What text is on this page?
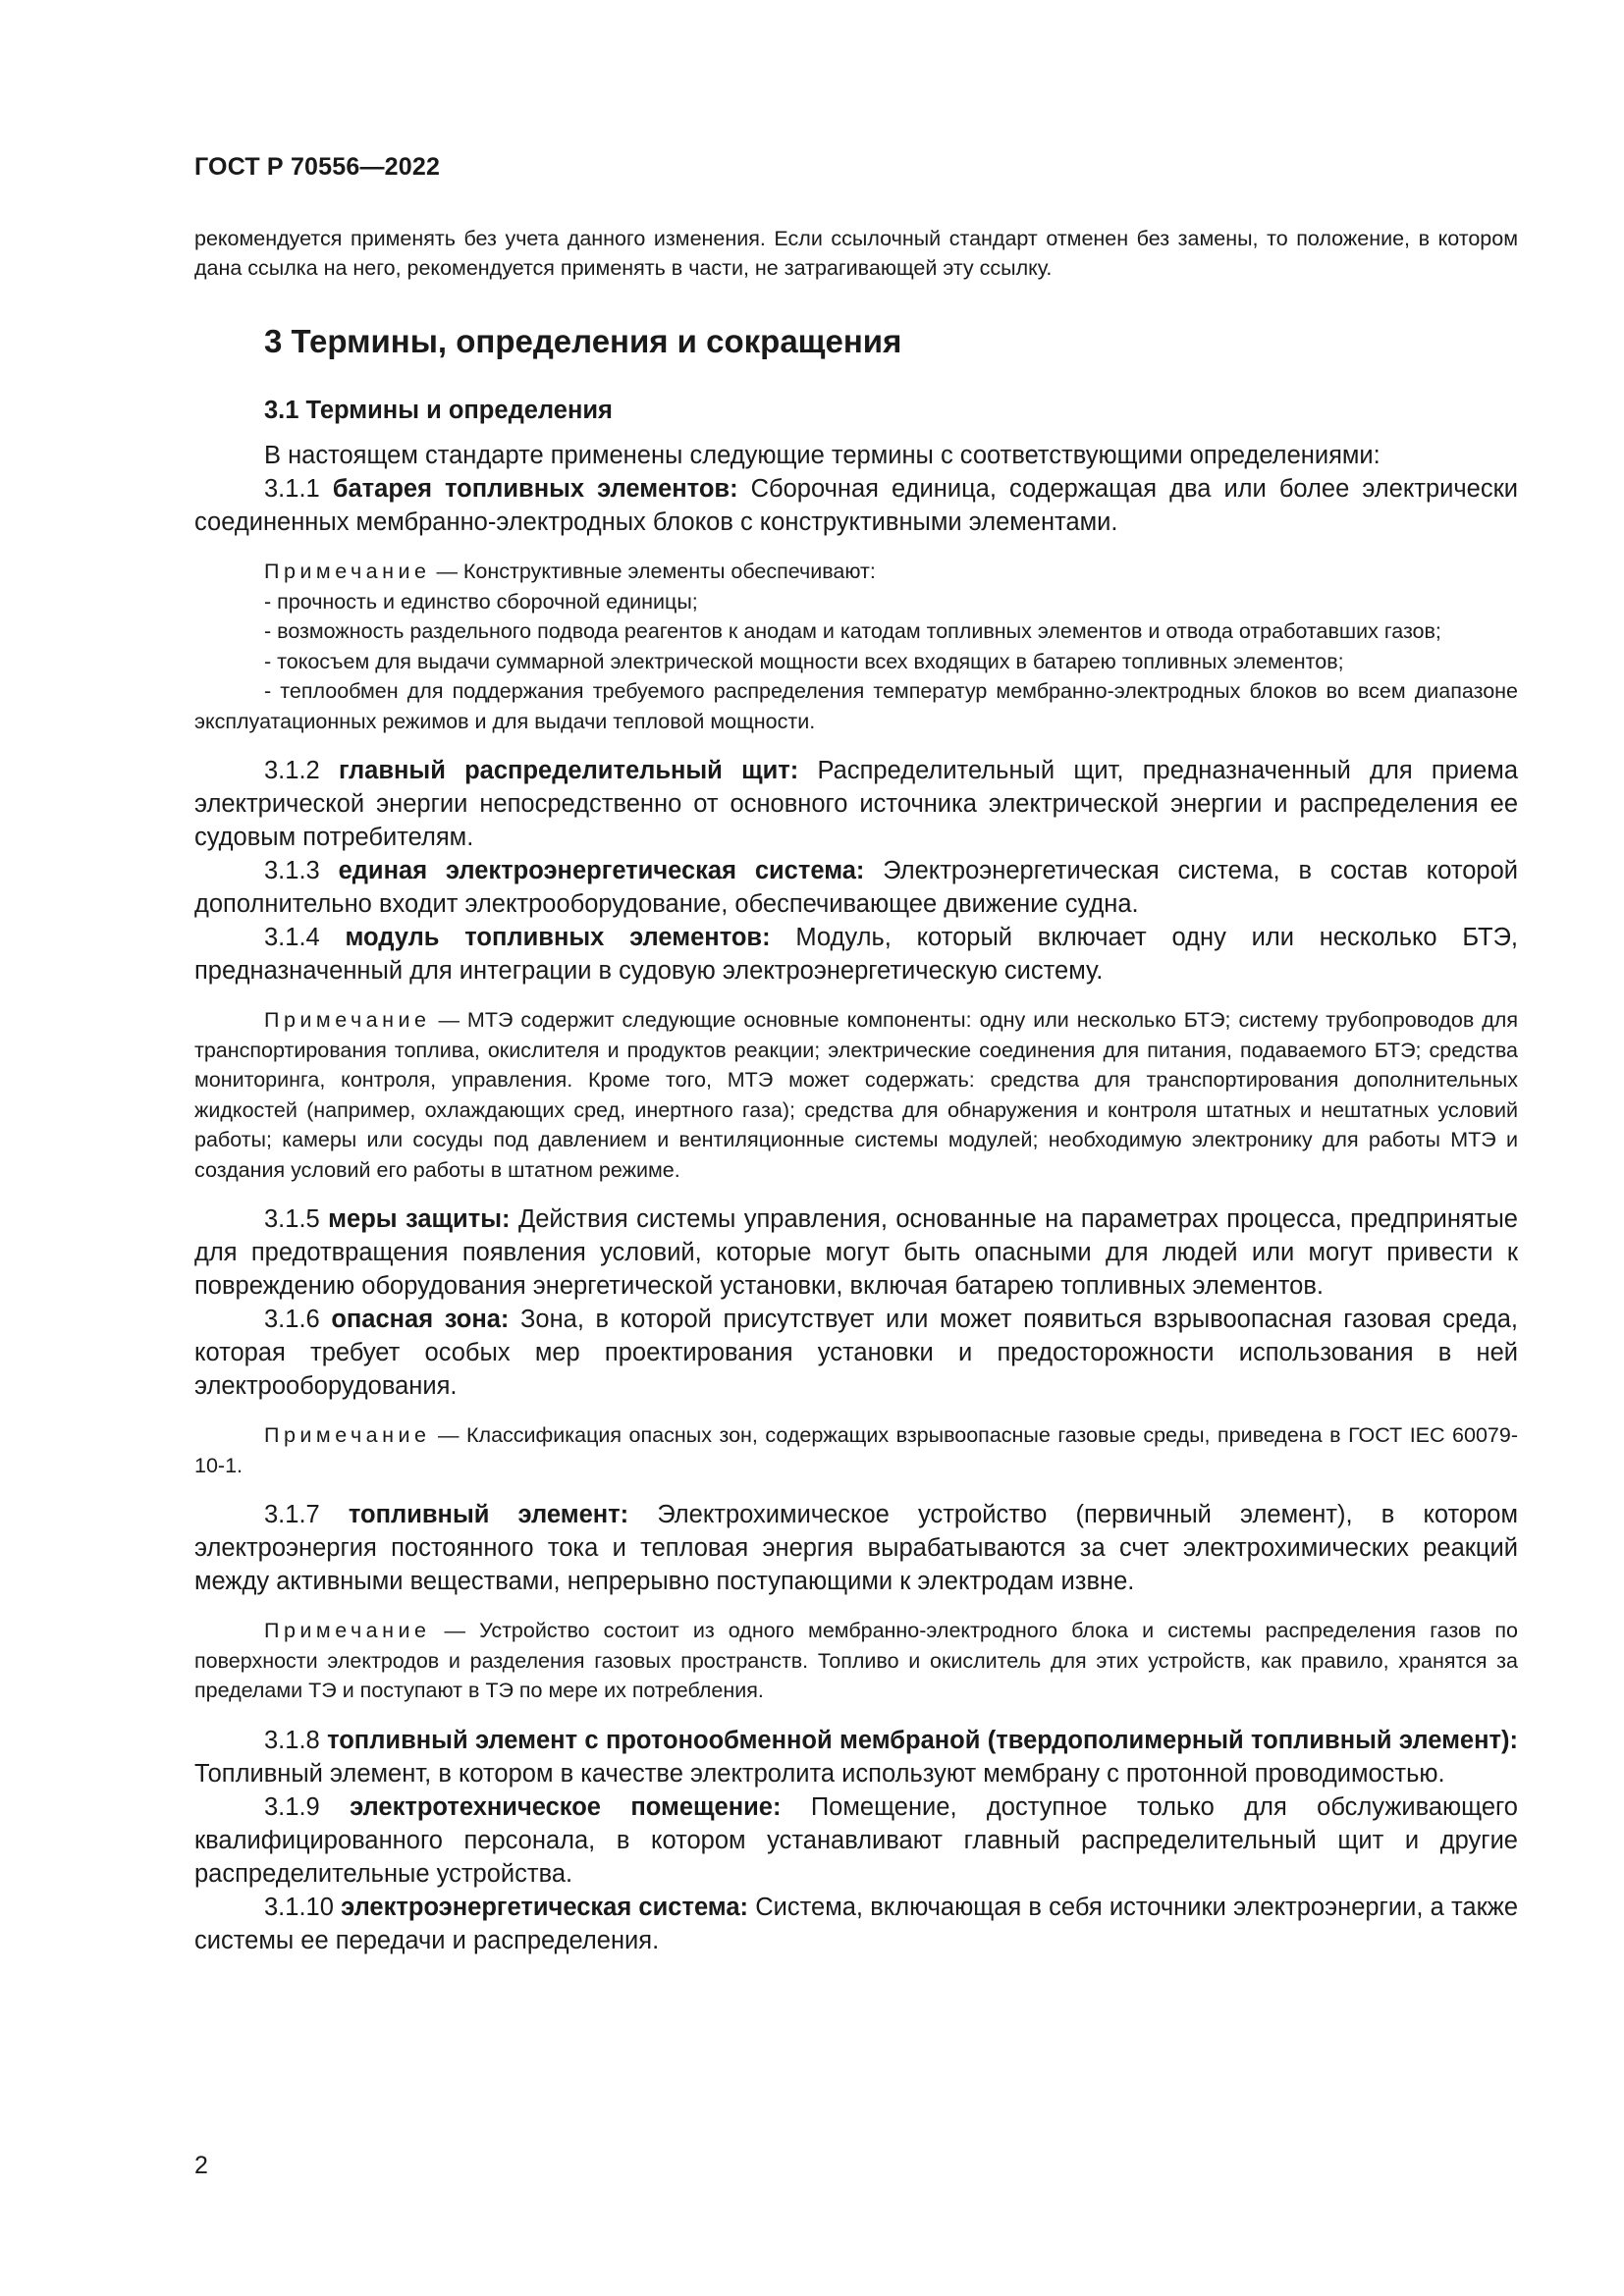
ГОСТ Р 70556—2022

рекомендуется применять без учета данного изменения. Если ссылочный стандарт отменен без замены, то положение, в котором дана ссылка на него, рекомендуется применять в части, не затрагивающей эту ссылку.

3 Термины, определения и сокращения
3.1 Термины и определения

В настоящем стандарте применены следующие термины с соответствующими определениями:

3.1.1 батарея топливных элементов: Сборочная единица, содержащая два или более электрически соединенных мембранно-электродных блоков с конструктивными элементами.

Примечание — Конструктивные элементы обеспечивают:

- прочность и единство сборочной единицы;

- возможность раздельного подвода реагентов к анодам и катодам топливных элементов и отвода отработавших газов;

- токосъем для выдачи суммарной электрической мощности всех входящих в батарею топливных элементов;

- теплообмен для поддержания требуемого распределения температур мембранно-электродных блоков во всем диапазоне эксплуатационных режимов и для выдачи тепловой мощности.

3.1.2 главный распределительный щит: Распределительный щит, предназначенный для приема электрической энергии непосредственно от основного источника электрической энергии и распределения ее судовым потребителям.

3.1.3 единая электроэнергетическая система: Электроэнергетическая система, в состав которой дополнительно входит электрооборудование, обеспечивающее движение судна.

3.1.4 модуль топливных элементов: Модуль, который включает одну или несколько БТЭ, предназначенный для интеграции в судовую электроэнергетическую систему.

Примечание — МТЭ содержит следующие основные компоненты: одну или несколько БТЭ; систему трубопроводов для транспортирования топлива, окислителя и продуктов реакции; электрические соединения для питания, подаваемого БТЭ; средства мониторинга, контроля, управления. Кроме того, МТЭ может содержать: средства для транспортирования дополнительных жидкостей (например, охлаждающих сред, инертного газа); средства для обнаружения и контроля штатных и нештатных условий работы; камеры или сосуды под давлением и вентиляционные системы модулей; необходимую электронику для работы МТЭ и создания условий его работы в штатном режиме.

3.1.5 меры защиты: Действия системы управления, основанные на параметрах процесса, предпринятые для предотвращения появления условий, которые могут быть опасными для людей или могут привести к повреждению оборудования энергетической установки, включая батарею топливных элементов.

3.1.6 опасная зона: Зона, в которой присутствует или может появиться взрывоопасная газовая среда, которая требует особых мер проектирования установки и предосторожности использования в ней электрооборудования.

Примечание — Классификация опасных зон, содержащих взрывоопасные газовые среды, приведена в ГОСТ IEC 60079-10-1.

3.1.7 топливный элемент: Электрохимическое устройство (первичный элемент), в котором электроэнергия постоянного тока и тепловая энергия вырабатываются за счет электрохимических реакций между активными веществами, непрерывно поступающими к электродам извне.

Примечание — Устройство состоит из одного мембранно-электродного блока и системы распределения газов по поверхности электродов и разделения газовых пространств. Топливо и окислитель для этих устройств, как правило, хранятся за пределами ТЭ и поступают в ТЭ по мере их потребления.

3.1.8 топливный элемент с протонообменной мембраной (твердополимерный топливный элемент): Топливный элемент, в котором в качестве электролита используют мембрану с протонной проводимостью.

3.1.9 электротехническое помещение: Помещение, доступное только для обслуживающего квалифицированного персонала, в котором устанавливают главный распределительный щит и другие распределительные устройства.

3.1.10 электроэнергетическая система: Система, включающая в себя источники электроэнергии, а также системы ее передачи и распределения.

2
